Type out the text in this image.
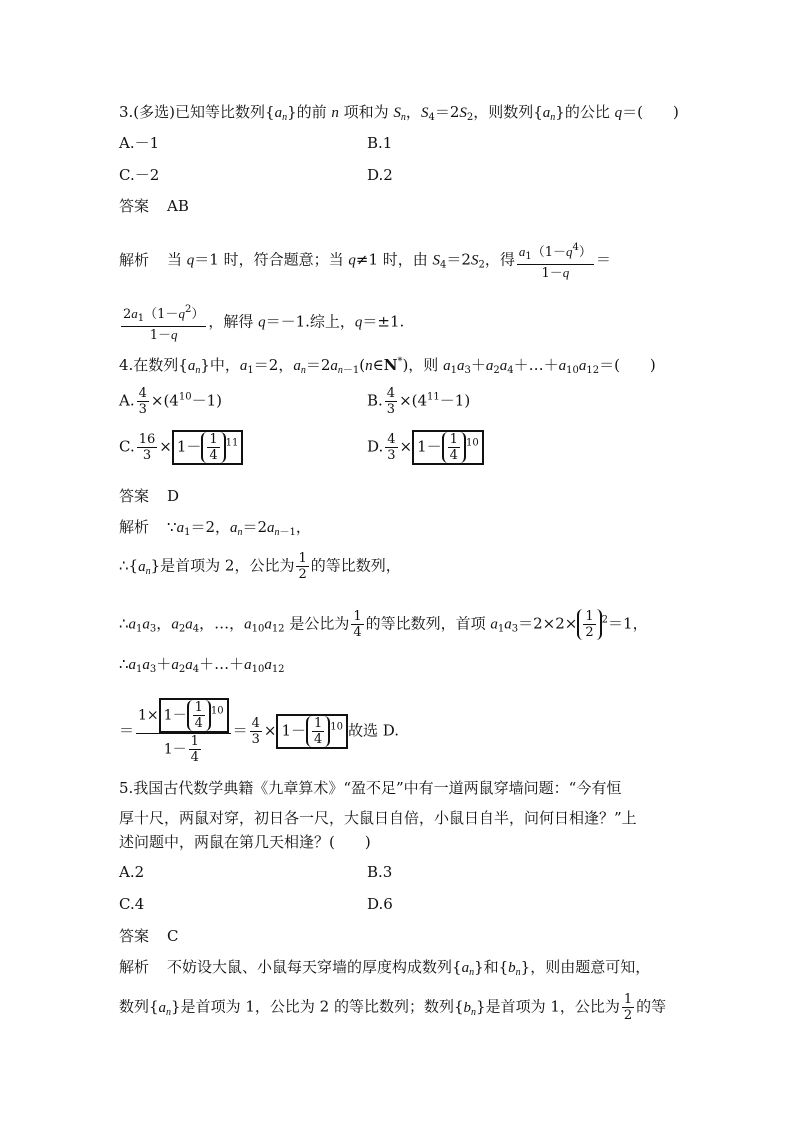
3.(多选)已知等比数列$\{a_n\}$的前 n 项和为 $S_n$，$S_4=2S_2$，则数列$\{a_n\}$的公比 q＝(　　)
A.－1	B.1
C.－2	D.2
答案 AB
解析 当 q＝1 时，符合题意；当 q≠1 时，由 $S_4=2S_2$，得 $\frac{a_1(1-q^4)}{1-q}$ ＝
$\frac{2a_1(1-q^2)}{1-q}$ ，解得 q＝－1.综上，q＝±1.
4.在数列$\{a_n\}$中，$a_1=2$，$a_n=2a_{n-1}(n\in N^*)$，则 $a_1a_3+a_2a_4+\dots+a_{10}a_{12}=$(　　)
A. $\frac{4}{3} \times(4^{10}-1)$	B. $\frac{4}{3} \times(4^{11}-1)$
C. $\frac{16}{3} \times 1- \frac{1}{4} ^{11}$	D. $\frac{4}{3} \times 1- \frac{1}{4} ^{10}$
答案 D
解析 $\because a_1=2$，$a_n=2a_{n-1}$，
$\therefore\{a_n\}$是首项为 2，公比为 $\frac{1}{2}$ 的等比数列，
$\therefore a_1a_3$，$a_2a_4$，…，$a_{10}a_{12}$ 是公比为 $\frac{1}{4}$ 的等比数列，首项 $a_1a_3=2\times 2\times \frac{1}{2} ^2=1$，
$\therefore a_1a_3+a_2a_4+\dots+a_{10}a_{12}$
＝ $\frac{1\times 1- \frac{1}{4} ^{10}}{1- \frac{1}{4}} = \frac{4}{3} \times 1- \frac{1}{4} ^{10}$ 故选 D.
5.我国古代数学典籍《九章算术》“盈不足”中有一道两鼠穿墙问题：“今有恒
厚十尺，两鼠对穿，初日各一尺，大鼠日自倍，小鼠日自半，问何日相逢？”上
述问题中，两鼠在第几天相逢？(　　)
A.2	B.3
C.4	D.6
答案 C
解析 不妨设大鼠、小鼠每天穿墙的厚度构成数列$\{a_n\}$和$\{b_n\}$，则由题意可知，
数列$\{a_n\}$是首项为 1，公比为 2 的等比数列；数列$\{b_n\}$是首项为 1，公比为 $\frac{1}{2}$ 的等
